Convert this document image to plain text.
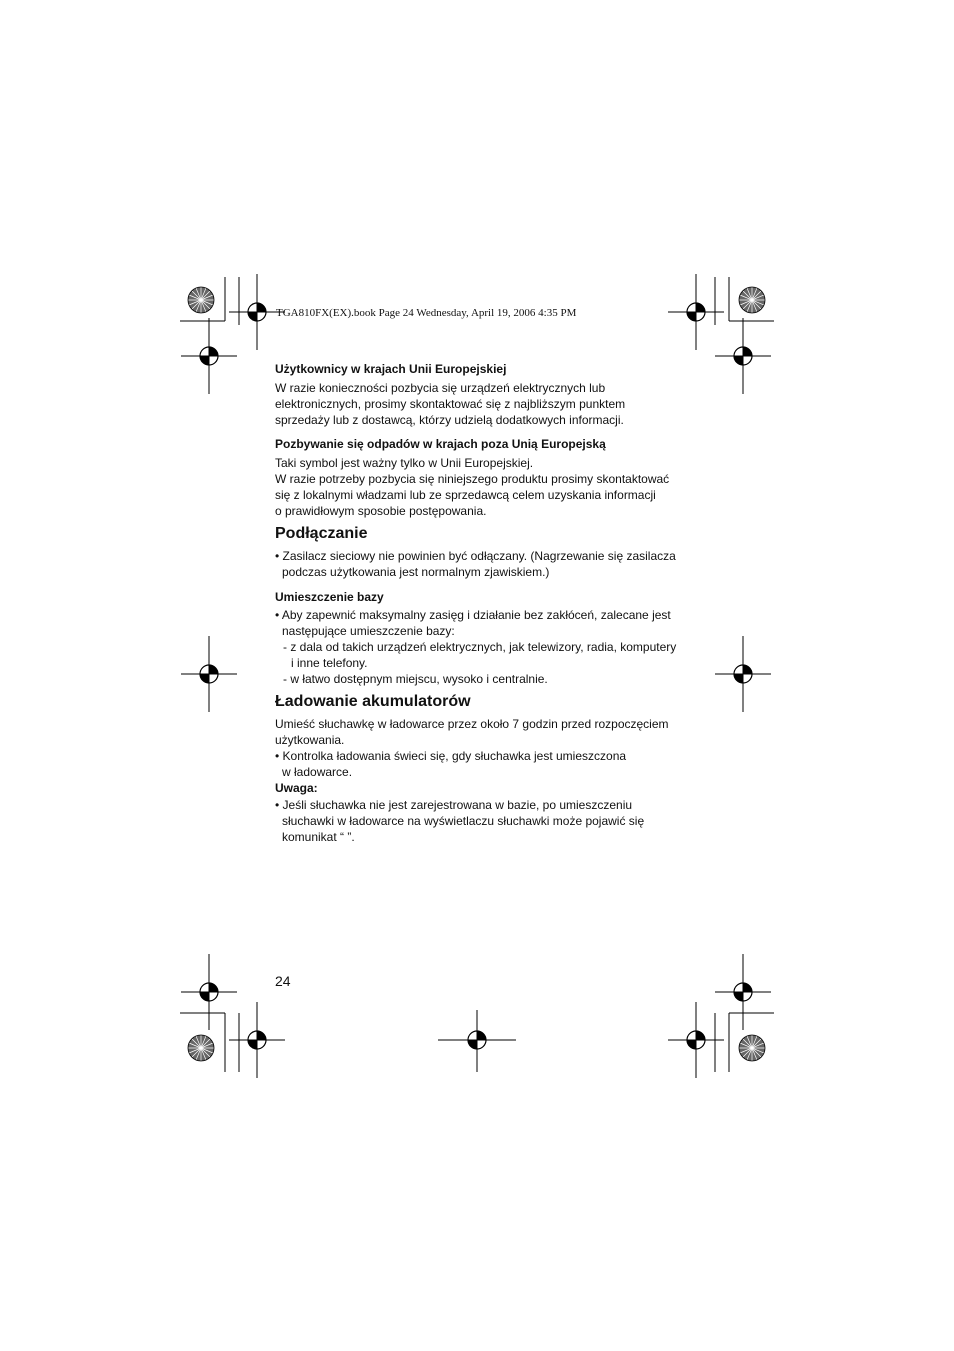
TGA810FX(EX).book Page 24 Wednesday, April 19, 2006 4:35 PM
Użytkownicy w krajach Unii Europejskiej
W razie konieczności pozbycia się urządzeń elektrycznych lub
elektronicznych, prosimy skontaktować się z najbliższym punktem
sprzedaży lub z dostawcą, którzy udzielą dodatkowych informacji.
Pozbywanie się odpadów w krajach poza Unią Europejską
Taki symbol jest ważny tylko w Unii Europejskiej.
W razie potrzeby pozbycia się niniejszego produktu prosimy skontaktować
się z lokalnymi władzami lub ze sprzedawcą celem uzyskania informacji
o prawidłowym sposobie postępowania.
Podłączanie
• Zasilacz sieciowy nie powinien być odłączany. (Nagrzewanie się zasilacza
podczas użytkowania jest normalnym zjawiskiem.)
Umieszczenie bazy
• Aby zapewnić maksymalny zasięg i działanie bez zakłóceń, zalecane jest
następujące umieszczenie bazy:
- z dala od takich urządzeń elektrycznych, jak telewizory, radia, komputery
i inne telefony.
- w łatwo dostępnym miejscu, wysoko i centralnie.
Ładowanie akumulatorów
Umieść słuchawkę w ładowarce przez około 7 godzin przed rozpoczęciem
użytkowania.
• Kontrolka ładowania świeci się, gdy słuchawka jest umieszczona
w ładowarce.
Uwaga:
• Jeśli słuchawka nie jest zarejestrowana w bazie, po umieszczeniu
słuchawki w ładowarce na wyświetlaczu słuchawki może pojawić się
komunikat “ ”.
24
